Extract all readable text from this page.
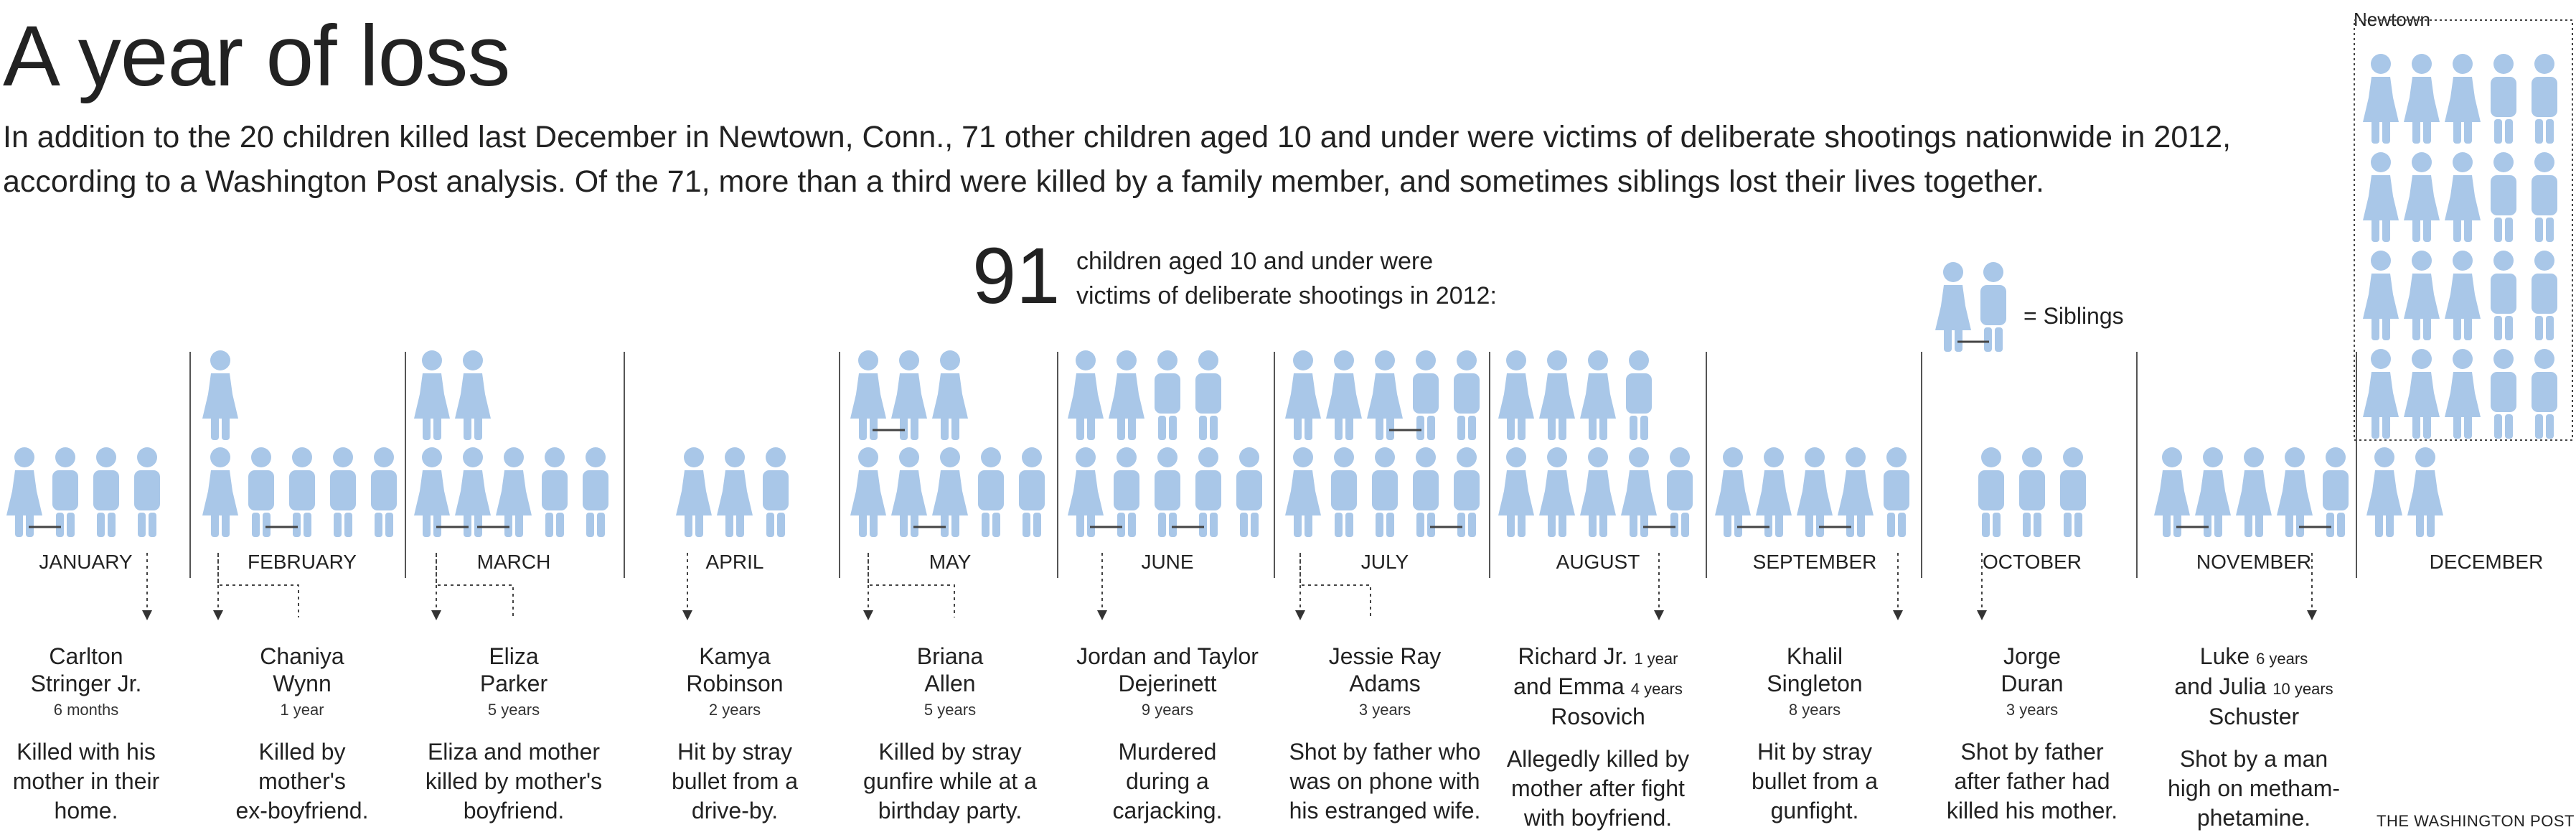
A year of loss

In addition to the 20 children killed last December in Newtown, Conn., 71 other children aged 10 and under were victims of deliberate shootings nationwide in 2012, according to a Washington Post analysis. Of the 71, more than a third were killed by a family member, and sometimes siblings lost their lives together.

91 children aged 10 and under were
victims of deliberate shootings in 2012:
= Siblings
Newtown
THE WASHINGTON POST
JANUARY	FEBRUARY	MARCH	APRIL	MAY	JUNE	JULY	AUGUST	SEPTEMBER	OCTOBER	NOVEMBER	DECEMBER
Carlton
Stringer Jr.
6 months
Killed with his
mother in their
home.
Chaniya
Wynn
1 year
Killed by
mother's
ex-boyfriend.
Eliza
Parker
5 years
Eliza and mother
killed by mother's
boyfriend.
Kamya
Robinson
2 years
Hit by stray
bullet from a
drive-by.
Briana
Allen
5 years
Killed by stray
gunfire while at a
birthday party.
Jordan and Taylor
Dejerinett
9 years
Murdered
during a
carjacking.
Jessie Ray
Adams
3 years
Shot by father who
was on phone with
his estranged wife.
Richard Jr. 1 year
and Emma 4 years
Rosovich
Allegedly killed by
mother after fight
with boyfriend.
Khalil
Singleton
8 years
Hit by stray
bullet from a
gunfight.
Jorge
Duran
3 years
Shot by father
after father had
killed his mother.
Luke 6 years
and Julia 10 years
Schuster
Shot by a man
high on metham-
phetamine.
